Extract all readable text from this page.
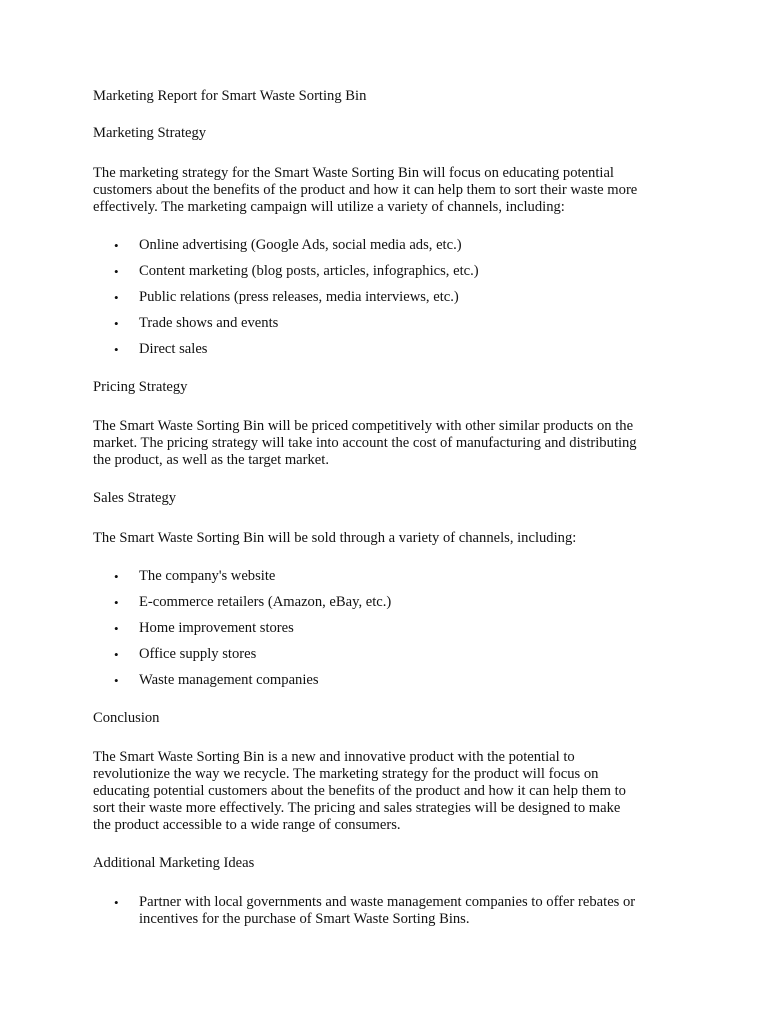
Marketing Report for Smart Waste Sorting Bin
Marketing Strategy

The marketing strategy for the Smart Waste Sorting Bin will focus on educating potential
customers about the benefits of the product and how it can help them to sort their waste more
effectively. The marketing campaign will utilize a variety of channels, including:

• Online advertising (Google Ads, social media ads, etc.)
• Content marketing (blog posts, articles, infographics, etc.)
• Public relations (press releases, media interviews, etc.)
• Trade shows and events
• Direct sales
Pricing Strategy

The Smart Waste Sorting Bin will be priced competitively with other similar products on the
market. The pricing strategy will take into account the cost of manufacturing and distributing
the product, as well as the target market.

Sales Strategy

The Smart Waste Sorting Bin will be sold through a variety of channels, including:

• The company's website
• E-commerce retailers (Amazon, eBay, etc.)
• Home improvement stores
• Office supply stores
• Waste management companies
Conclusion

The Smart Waste Sorting Bin is a new and innovative product with the potential to
revolutionize the way we recycle. The marketing strategy for the product will focus on
educating potential customers about the benefits of the product and how it can help them to
sort their waste more effectively. The pricing and sales strategies will be designed to make
the product accessible to a wide range of consumers.

Additional Marketing Ideas
• Partner with local governments and waste management companies to offer rebates or
incentives for the purchase of Smart Waste Sorting Bins.
